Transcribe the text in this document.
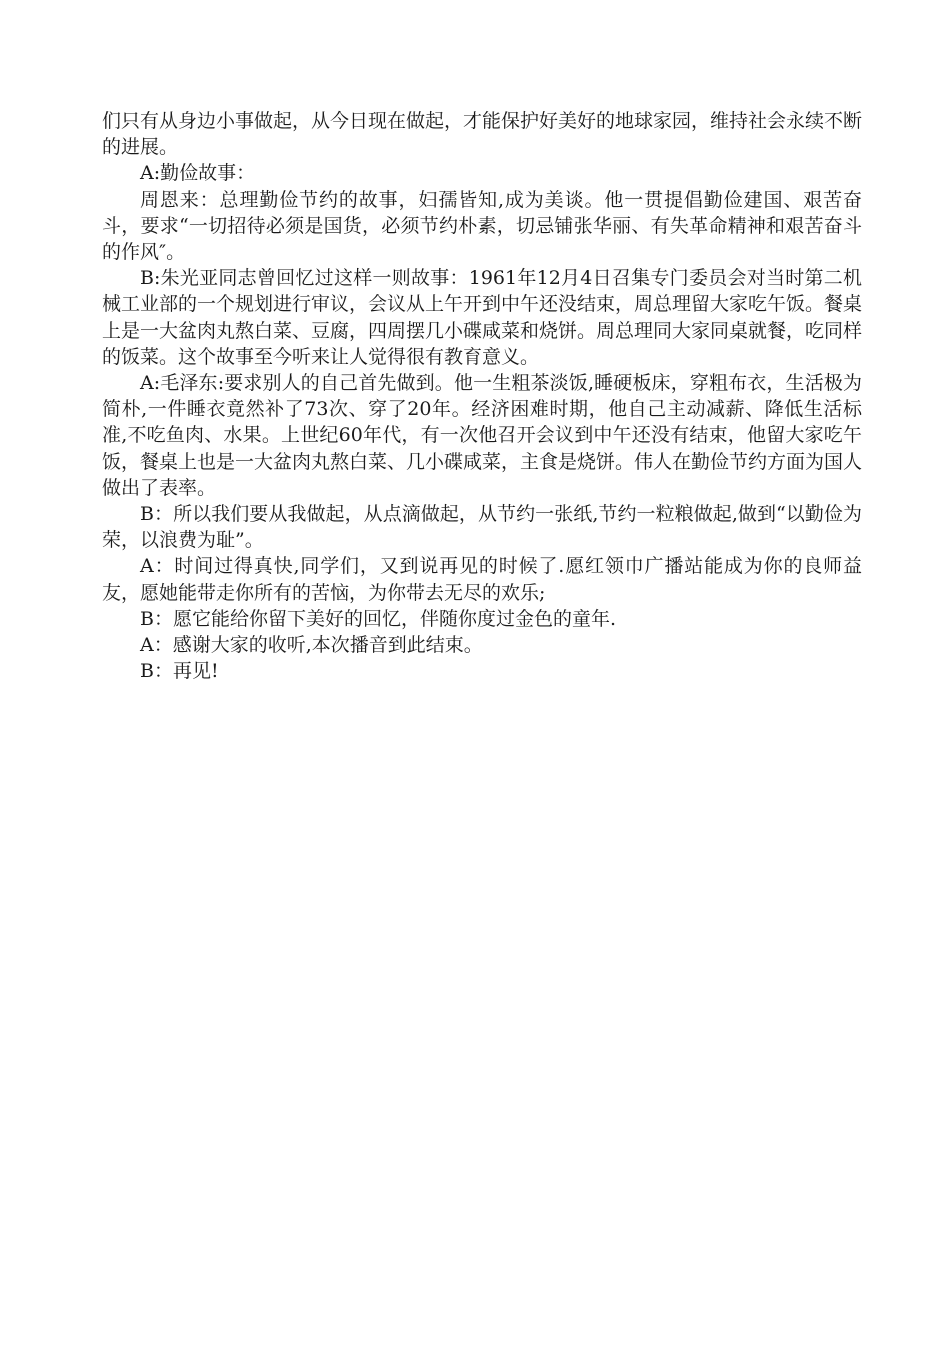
们只有从身边小事做起，从今日现在做起，才能保护好美好的地球家园，维持社会永续不断的进展。

A:勤俭故事：

周恩来：总理勤俭节约的故事，妇孺皆知,成为美谈。他一贯提倡勤俭建国、艰苦奋斗，要求“一切招待必须是国货，必须节约朴素，切忌铺张华丽、有失革命精神和艰苦奋斗的作风″。

B:朱光亚同志曾回忆过这样一则故事：1961年12月4日召集专门委员会对当时第二机械工业部的一个规划进行审议，会议从上午开到中午还没结束，周总理留大家吃午饭。餐桌上是一大盆肉丸熬白菜、豆腐，四周摆几小碟咸菜和烧饼。周总理同大家同桌就餐，吃同样的饭菜。这个故事至今听来让人觉得很有教育意义。

A:毛泽东:要求别人的自己首先做到。他一生粗茶淡饭,睡硬板床，穿粗布衣，生活极为简朴,一件睡衣竟然补了73次、穿了20年。经济困难时期，他自己主动减薪、降低生活标准,不吃鱼肉、水果。上世纪60年代，有一次他召开会议到中午还没有结束，他留大家吃午饭，餐桌上也是一大盆肉丸熬白菜、几小碟咸菜，主食是烧饼。伟人在勤俭节约方面为国人做出了表率。

B：所以我们要从我做起，从点滴做起，从节约一张纸,节约一粒粮做起,做到“以勤俭为荣，以浪费为耻”。

A：时间过得真快,同学们，又到说再见的时候了.愿红领巾广播站能成为你的良师益友，愿她能带走你所有的苦恼，为你带去无尽的欢乐;

B：愿它能给你留下美好的回忆，伴随你度过金色的童年.

A：感谢大家的收听,本次播音到此结束。

B：再见!
